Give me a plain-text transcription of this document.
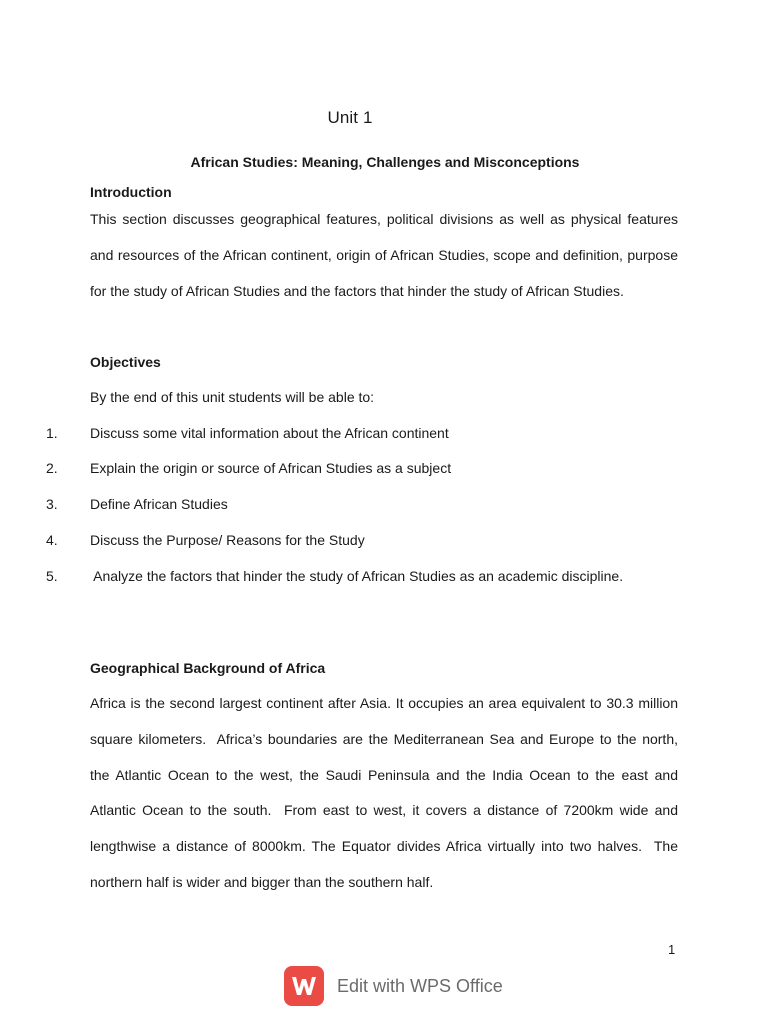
Unit 1
African Studies: Meaning, Challenges and Misconceptions
Introduction

This section discusses geographical features, political divisions as well as physical features and resources of the African continent, origin of African Studies, scope and definition, purpose for the study of African Studies and the factors that hinder the study of African Studies.

Objectives
By the end of this unit students will be able to:
1. Discuss some vital information about the African continent
2. Explain the origin or source of African Studies as a subject
3. Define African Studies
4. Discuss the Purpose/ Reasons for the Study
5. Analyze the factors that hinder the study of African Studies as an academic discipline.
Geographical Background of Africa

Africa is the second largest continent after Asia. It occupies an area equivalent to 30.3 million square kilometers.  Africa’s boundaries are the Mediterranean Sea and Europe to the north, the Atlantic Ocean to the west, the Saudi Peninsula and the India Ocean to the east and Atlantic Ocean to the south.  From east to west, it covers a distance of 7200km wide and lengthwise a distance of 8000km. The Equator divides Africa virtually into two halves.  The northern half is wider and bigger than the southern half.

1
Edit with WPS Office
